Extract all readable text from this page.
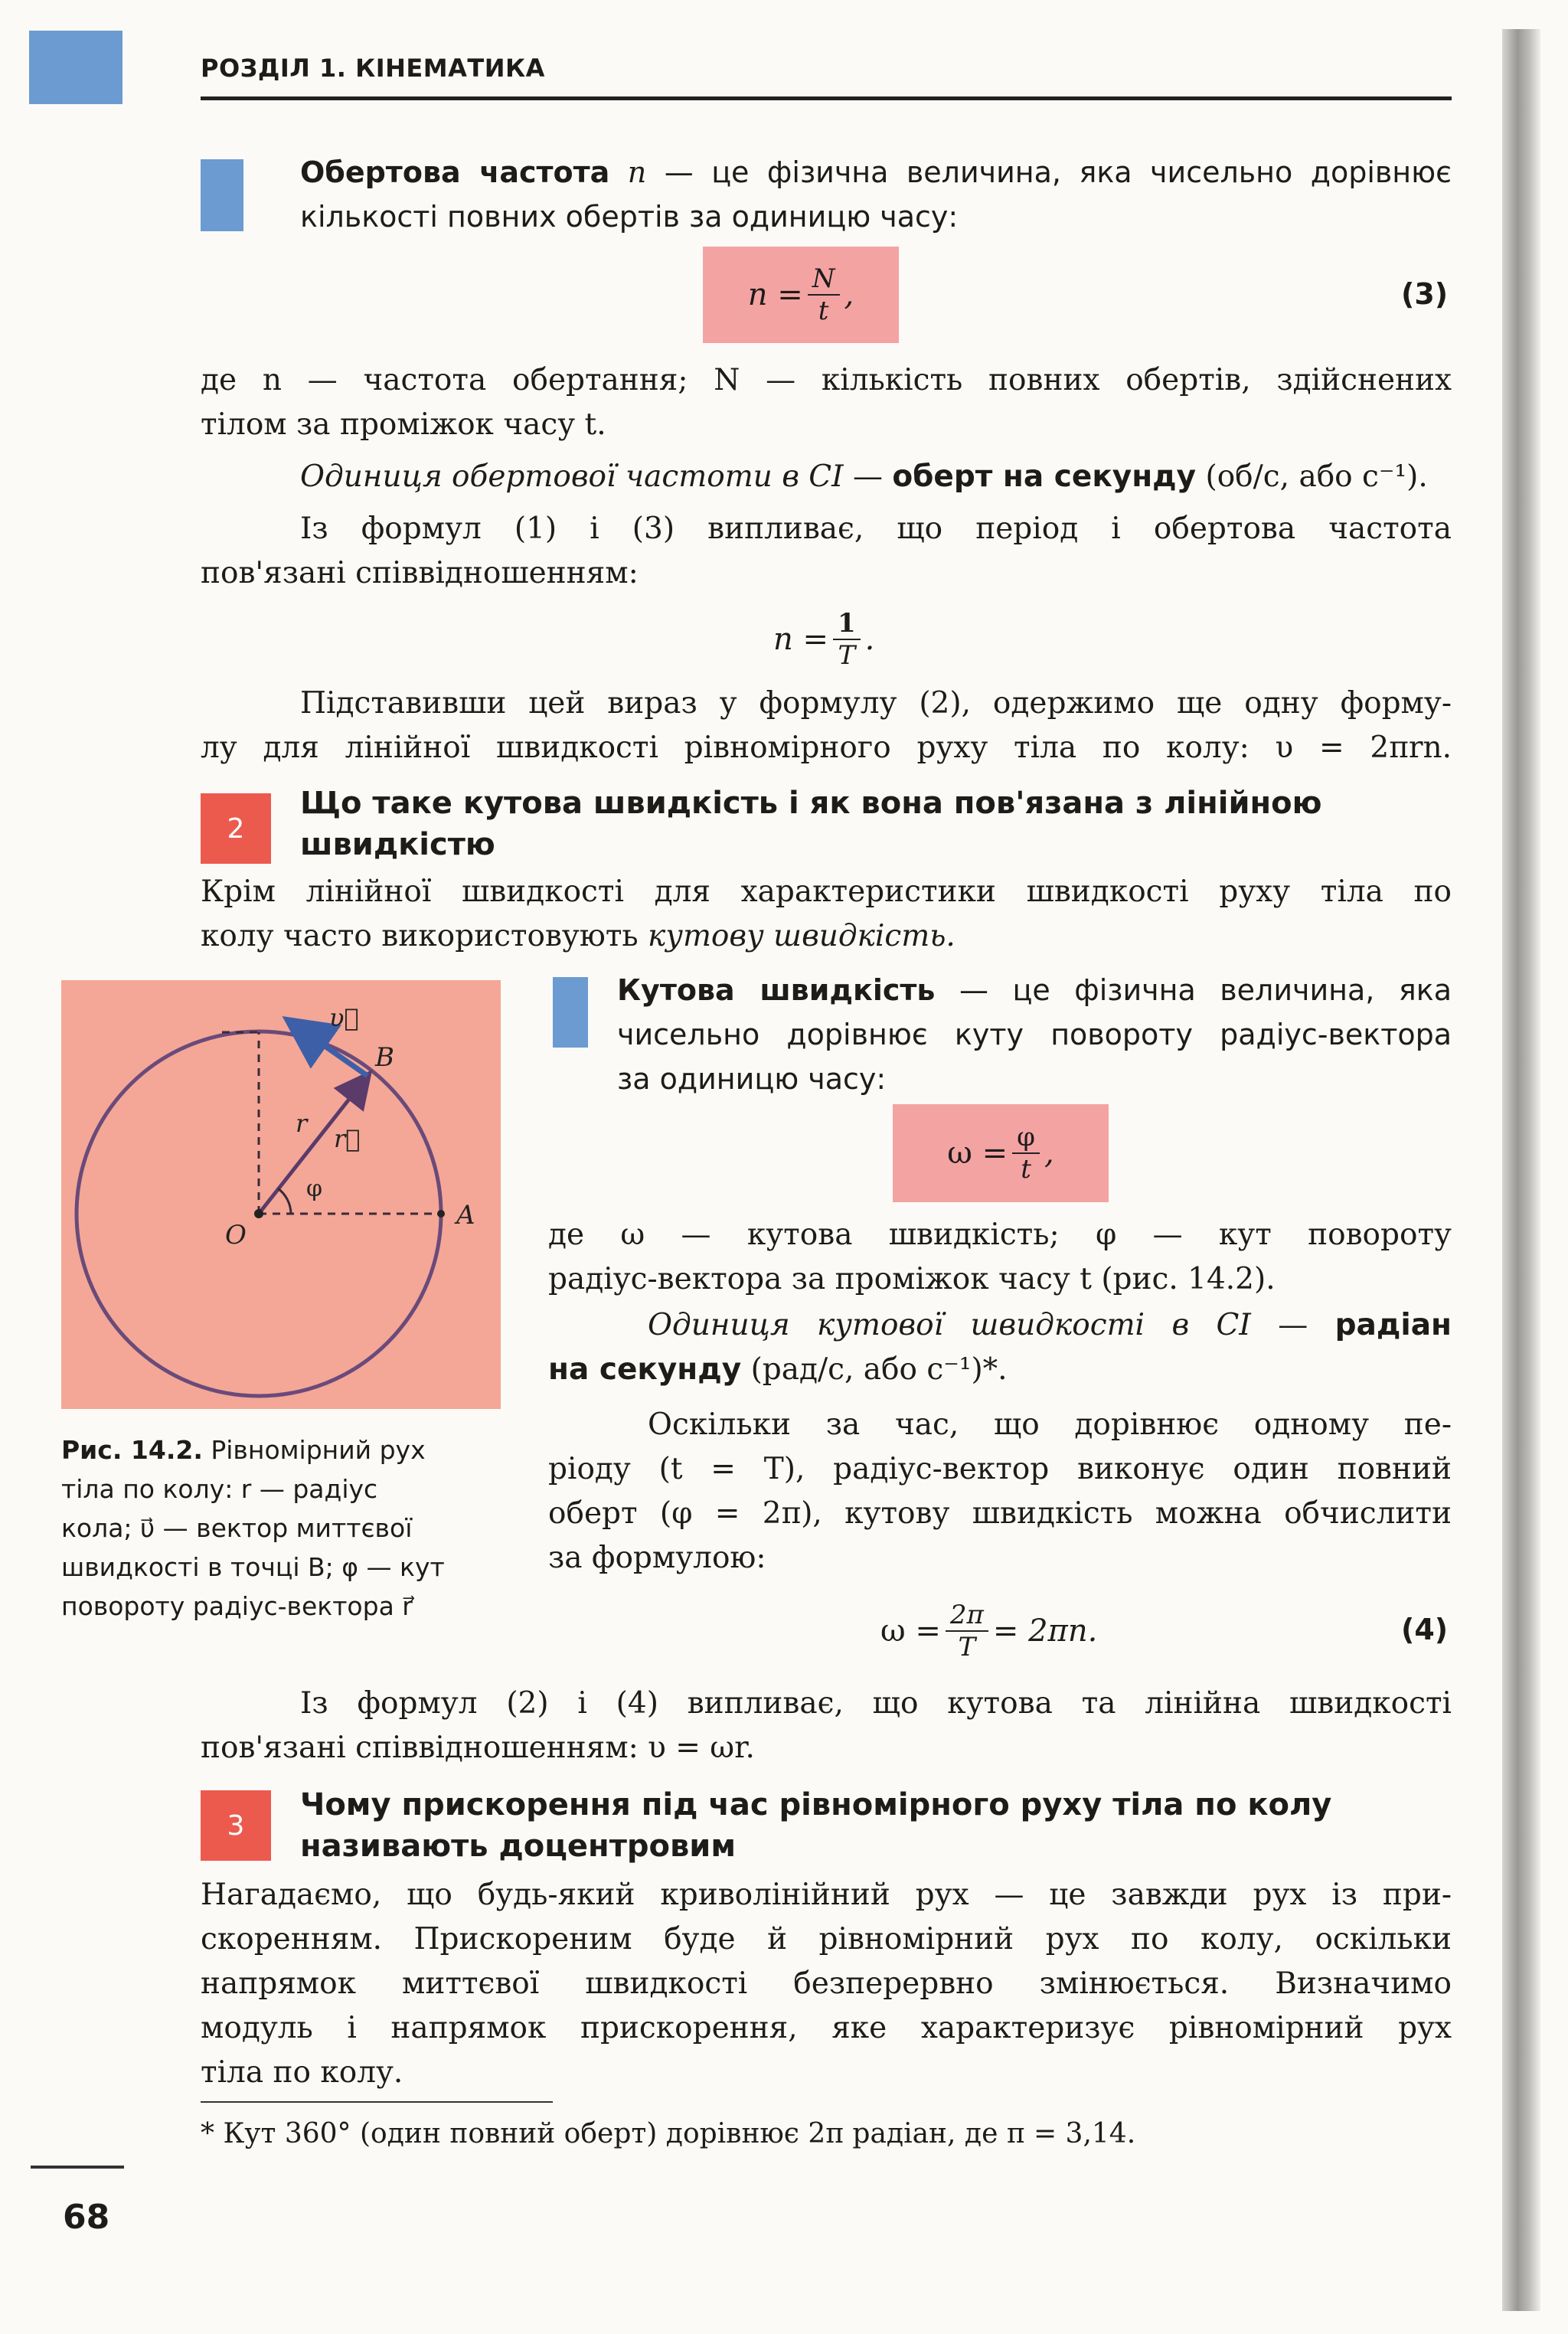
РОЗДІЛ 1. КІНЕМАТИКА
Обертова частота n — це фізична величина, яка чисельно дорівнює
кількості повних обертів за одиницю часу:
$n = \frac{N}{t}$ ,	(3)
де n — частота обертання; N — кількість повних обертів, здійснених
тілом за проміжок часу t.
Одиниця обертової частоти в СІ — оберт на секунду (об/с, або с⁻¹).
Із формул (1) і (3) випливає, що період і обертова частота
пов'язані співвідношенням:
$n = \frac{1}{T}$ .
Підставивши цей вираз у формулу (2), одержимо ще одну форму-
лу для лінійної швидкості рівномірного руху тіла по колу: υ = 2πrn.
2
Що таке кутова швидкість і як вона пов'язана з лінійною
швидкістю
Крім лінійної швидкості для характеристики швидкості руху тіла по
колу часто використовують кутову швидкість.
υ⃗
B
r
r⃗
φ
O
A
Рис. 14.2. Рівномірний рух
тіла по колу: r — радіус
кола; υ⃗ — вектор миттєвої
швидкості в точці B; φ — кут
повороту радіус-вектора r⃗
Кутова швидкість — це фізична величина, яка
чисельно дорівнює куту повороту радіус-вектора
за одиницю часу:
$\omega = \frac{\varphi}{t}$ ,
де ω — кутова швидкість; φ — кут повороту
радіус-вектора за проміжок часу t (рис. 14.2).
Одиниця кутової швидкості в СІ — радіан
на секунду (рад/с, або с⁻¹)*.
Оскільки за час, що дорівнює одному пе-
ріоду (t = T), радіус-вектор виконує один повний
оберт (φ = 2π), кутову швидкість можна обчислити
за формулою:
$\omega = \frac{2\pi}{T} = 2\pi n$.	(4)
Із формул (2) і (4) випливає, що кутова та лінійна швидкості
пов'язані співвідношенням: υ = ωr.
3
Чому прискорення під час рівномірного руху тіла по колу
називають доцентровим
Нагадаємо, що будь-який криволінійний рух — це завжди рух із при-
скоренням. Прискореним буде й рівномірний рух по колу, оскільки
напрямок миттєвої швидкості безперервно змінюється. Визначимо
модуль і напрямок прискорення, яке характеризує рівномірний рух
тіла по колу.
* Кут 360° (один повний оберт) дорівнює 2π радіан, де π = 3,14.
68
